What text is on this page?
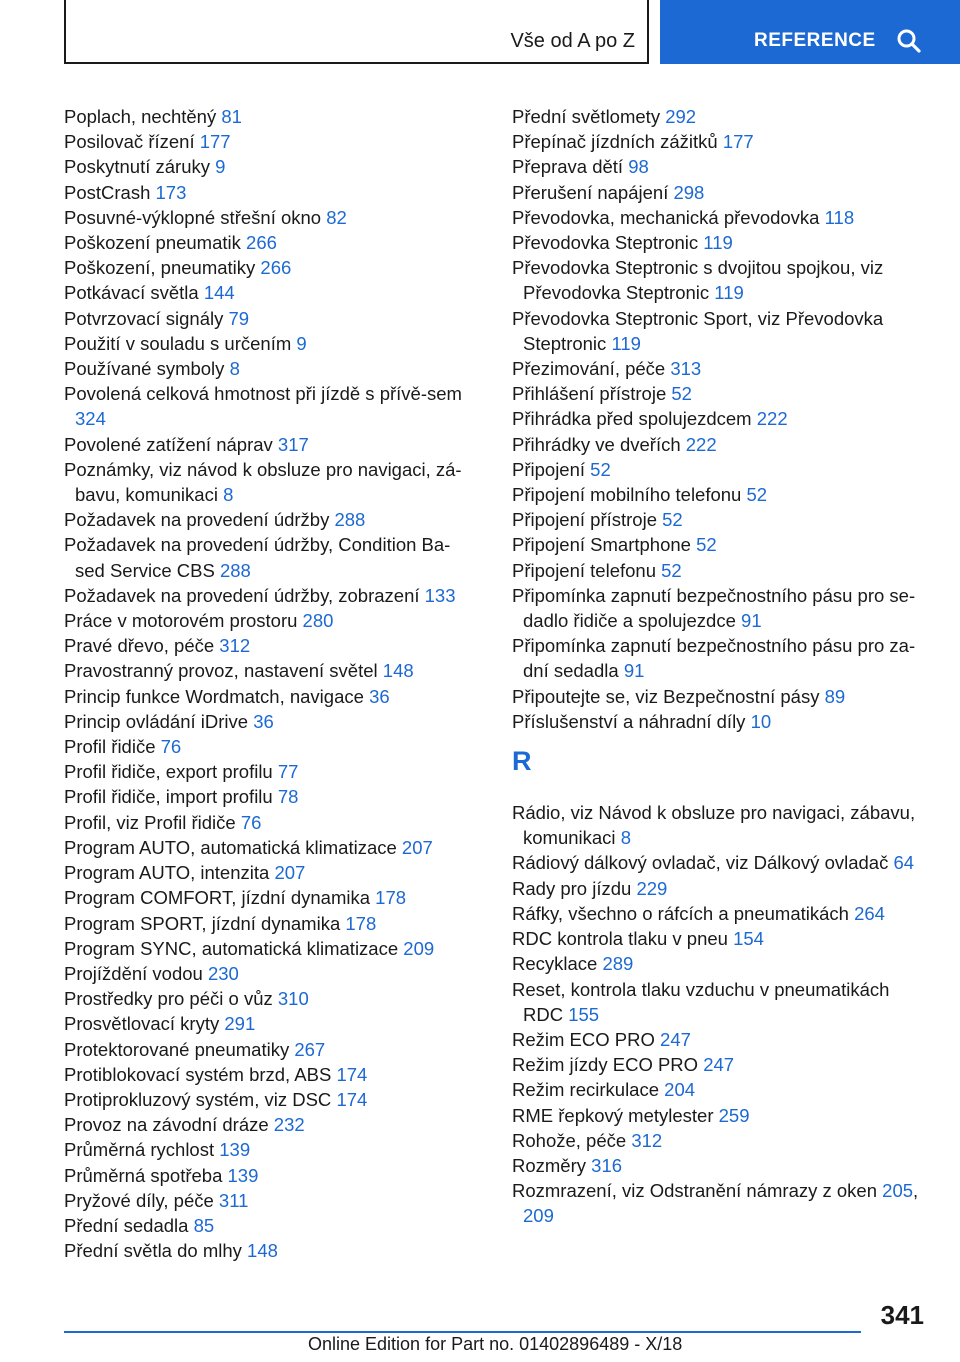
Vše od A po Z	REFERENCE
Poplach, nechtěný 81
Posilovač řízení 177
Poskytnutí záruky 9
PostCrash 173
Posuvné-výklopné střešní okno 82
Poškození pneumatik 266
Poškození, pneumatiky 266
Potkávací světla 144
Potvrzovací signály 79
Použití v souladu s určením 9
Používané symboly 8
Povolená celková hmotnost při jízdě s přívě‐sem 324
Povolené zatížení náprav 317
Poznámky, viz návod k obsluze pro navigaci, zá‐bavu, komunikaci 8
Požadavek na provedení údržby 288
Požadavek na provedení údržby, Condition Ba‐sed Service CBS 288
Požadavek na provedení údržby, zobrazení 133
Práce v motorovém prostoru 280
Pravé dřevo, péče 312
Pravostranný provoz, nastavení světel 148
Princip funkce Wordmatch, navigace 36
Princip ovládání iDrive 36
Profil řidiče 76
Profil řidiče, export profilu 77
Profil řidiče, import profilu 78
Profil, viz Profil řidiče 76
Program AUTO, automatická klimatizace 207
Program AUTO, intenzita 207
Program COMFORT, jízdní dynamika 178
Program SPORT, jízdní dynamika 178
Program SYNC, automatická klimatizace 209
Projíždění vodou 230
Prostředky pro péči o vůz 310
Prosvětlovací kryty 291
Protektorované pneumatiky 267
Protiblokovací systém brzd, ABS 174
Protiprokluzový systém, viz DSC 174
Provoz na závodní dráze 232
Průměrná rychlost 139
Průměrná spotřeba 139
Pryžové díly, péče 311
Přední sedadla 85
Přední světla do mlhy 148
Přední světlomety 292
Přepínač jízdních zážitků 177
Přeprava dětí 98
Přerušení napájení 298
Převodovka, mechanická převodovka 118
Převodovka Steptronic 119
Převodovka Steptronic s dvojitou spojkou, viz Převodovka Steptronic 119
Převodovka Steptronic Sport, viz Převodovka Steptronic 119
Přezimování, péče 313
Přihlášení přístroje 52
Přihrádka před spolujezdcem 222
Přihrádky ve dveřích 222
Připojení 52
Připojení mobilního telefonu 52
Připojení přístroje 52
Připojení Smartphone 52
Připojení telefonu 52
Připomínka zapnutí bezpečnostního pásu pro se‐dadlo řidiče a spolujezdce 91
Připomínka zapnutí bezpečnostního pásu pro za‐dní sedadla 91
Připoutejte se, viz Bezpečnostní pásy 89
Příslušenství a náhradní díly 10
R
Rádio, viz Návod k obsluze pro navigaci, zábavu, komunikaci 8
Rádiový dálkový ovladač, viz Dálkový ovladač 64
Rady pro jízdu 229
Ráfky, všechno o ráfcích a pneumatikách 264
RDC kontrola tlaku v pneu 154
Recyklace 289
Reset, kontrola tlaku vzduchu v pneumatikách RDC 155
Režim ECO PRO 247
Režim jízdy ECO PRO 247
Režim recirkulace 204
RME řepkový metylester 259
Rohože, péče 312
Rozměry 316
Rozmrazení, viz Odstranění námrazy z oken 205, 209
341
Online Edition for Part no. 01402896489 - X/18
